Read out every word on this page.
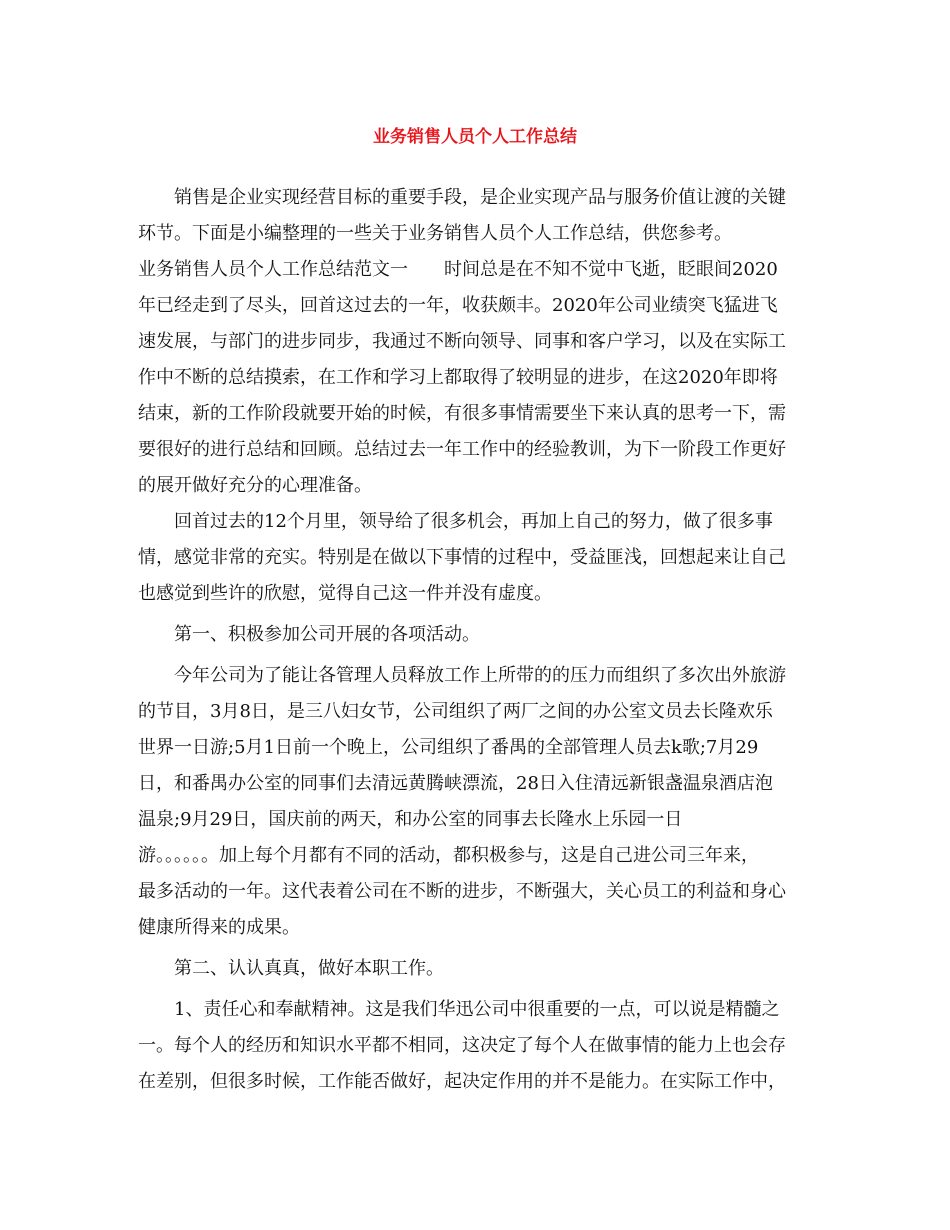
业务销售人员个人工作总结

销售是企业实现经营目标的重要手段，是企业实现产品与服务价值让渡的关键

环节。下面是小编整理的一些关于业务销售人员个人工作总结，供您参考。

业务销售人员个人工作总结范文一 时间总是在不知不觉中飞逝，眨眼间2020

年已经走到了尽头，回首这过去的一年，收获颇丰。2020年公司业绩突飞猛进飞

速发展，与部门的进步同步，我通过不断向领导、同事和客户学习，以及在实际工

作中不断的总结摸索，在工作和学习上都取得了较明显的进步，在这2020年即将

结束，新的工作阶段就要开始的时候，有很多事情需要坐下来认真的思考一下，需

要很好的进行总结和回顾。总结过去一年工作中的经验教训，为下一阶段工作更好

的展开做好充分的心理准备。

回首过去的12个月里，领导给了很多机会，再加上自己的努力，做了很多事

情，感觉非常的充实。特别是在做以下事情的过程中，受益匪浅，回想起来让自己

也感觉到些许的欣慰，觉得自己这一件并没有虚度。

第一、积极参加公司开展的各项活动。

今年公司为了能让各管理人员释放工作上所带的的压力而组织了多次出外旅游

的节目，3月8日，是三八妇女节，公司组织了两厂之间的办公室文员去长隆欢乐

世界一日游;5月1日前一个晚上，公司组织了番禺的全部管理人员去k歌;7月29

日，和番禺办公室的同事们去清远黄腾峡漂流，28日入住清远新银盏温泉酒店泡

温泉;9月29日，国庆前的两天，和办公室的同事去长隆水上乐园一日

游。。。。。。加上每个月都有不同的活动，都积极参与，这是自己进公司三年来，

最多活动的一年。这代表着公司在不断的进步，不断强大，关心员工的利益和身心

健康所得来的成果。

第二、认认真真，做好本职工作。

1、责任心和奉献精神。这是我们华迅公司中很重要的一点，可以说是精髓之

一。每个人的经历和知识水平都不相同，这决定了每个人在做事情的能力上也会存

在差别，但很多时候，工作能否做好，起决定作用的并不是能力。在实际工作中，
